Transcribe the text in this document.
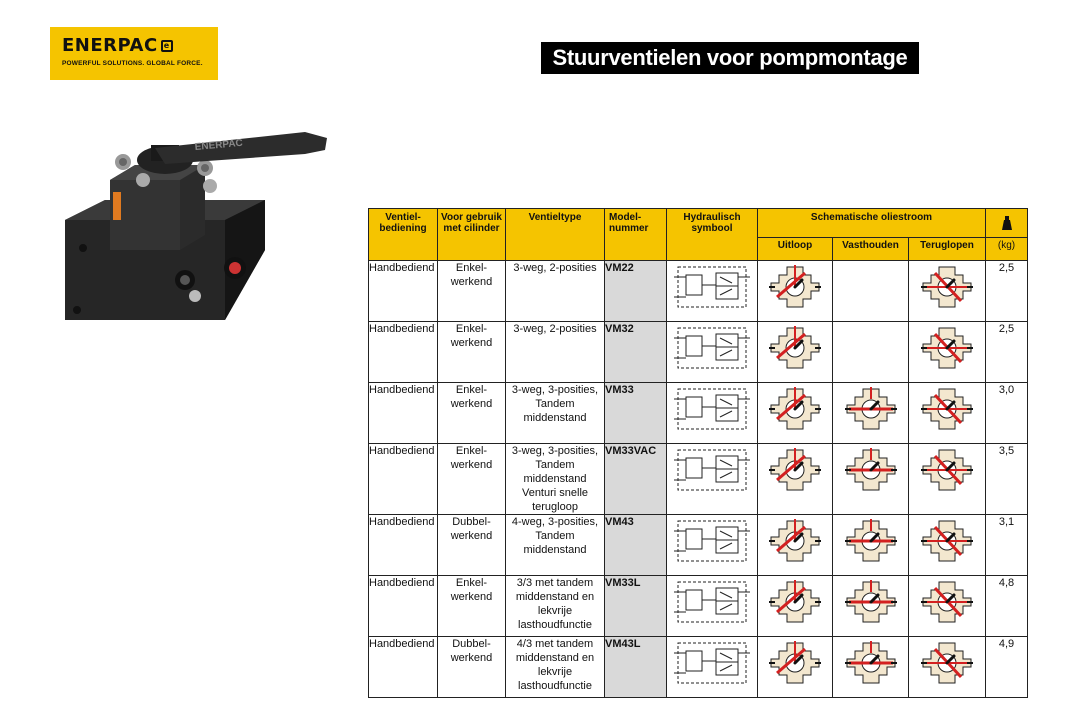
ENERPAC e
POWERFUL SOLUTIONS. GLOBAL FORCE.	Stuurventielen voor pompmontage
ENERPAC
Ventiel-
bediening	Voor gebruik met cilinder	Ventieltype	Model-
nummer	Hydraulisch
symbool	Schematische oliestroom	
					Uitloop	Vasthouden	Teruglopen	(kg)
Handbediend	Enkel-
werkend	3-weg, 2-posities	VM22					2,5
Handbediend	Enkel-
werkend	3-weg, 2-posities	VM32					2,5
Handbediend	Enkel-
werkend	3-weg, 3-posities,
Tandem middenstand	VM33					3,0
Handbediend	Enkel-
werkend	3-weg, 3-posities,
Tandem middenstand
Venturi snelle terugloop	VM33VAC					3,5
Handbediend	Dubbel-
werkend	4-weg, 3-posities,
Tandem middenstand	VM43					3,1
Handbediend	Enkel-
werkend	3/3 met tandem
middenstand en
lekvrije
lasthoudfunctie	VM33L					4,8
Handbediend	Dubbel-
werkend	4/3 met tandem
middenstand en
lekvrije
lasthoudfunctie	VM43L					4,9
